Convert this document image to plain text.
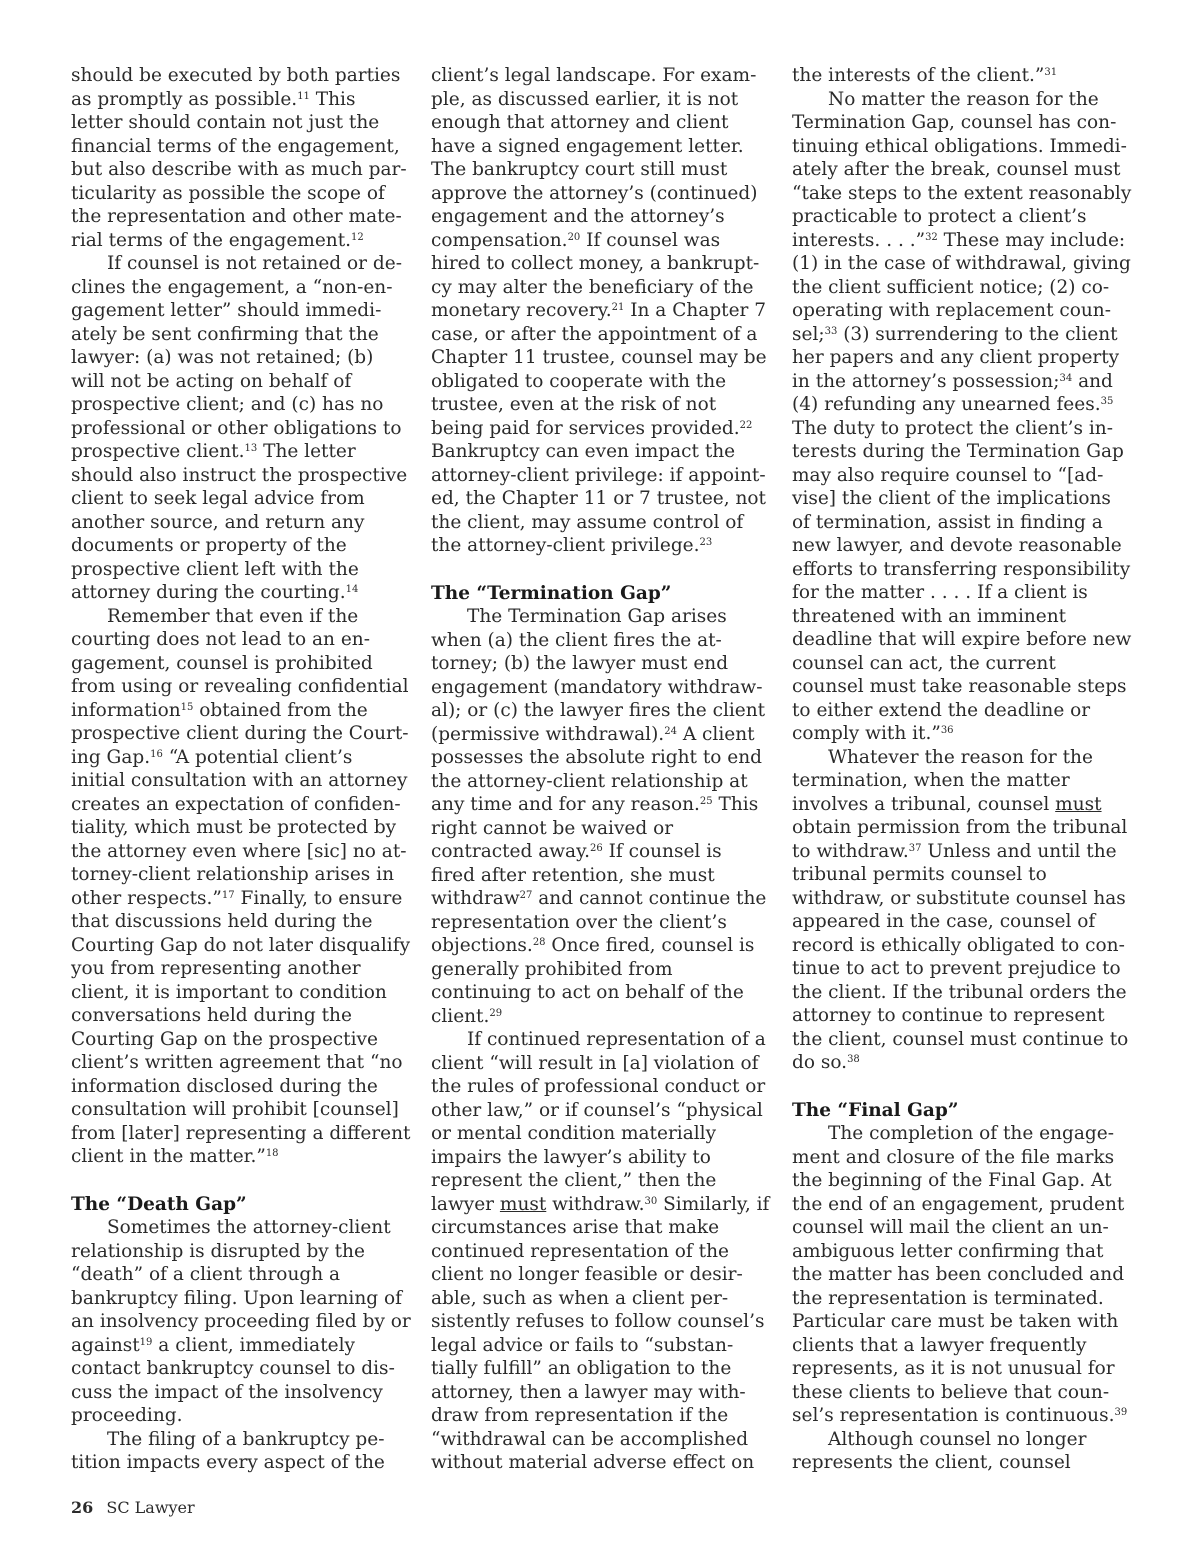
should be executed by both parties as promptly as possible.$^{11}$ This letter should contain not just the financial terms of the engagement, but also describe with as much particularity as possible the scope of the representation and other material terms of the engagement.$^{12}$

If counsel is not retained or declines the engagement, a “non-engagement letter” should immediately be sent confirming that the lawyer: (a) was not retained; (b) will not be acting on behalf of prospective client; and (c) has no professional or other obligations to prospective client.$^{13}$ The letter should also instruct the prospective client to seek legal advice from another source, and return any documents or property of the prospective client left with the attorney during the courting.$^{14}$

Remember that even if the courting does not lead to an engagement, counsel is prohibited from using or revealing confidential information$^{15}$ obtained from the prospective client during the Courting Gap.$^{16}$ “A potential client’s initial consultation with an attorney creates an expectation of confidentiality, which must be protected by the attorney even where [sic] no attorney-client relationship arises in other respects.”$^{17}$ Finally, to ensure that discussions held during the Courting Gap do not later disqualify you from representing another client, it is important to condition conversations held during the Courting Gap on the prospective client’s written agreement that “no information disclosed during the consultation will prohibit [counsel] from [later] representing a different client in the matter.”$^{18}$

The “Death Gap”

Sometimes the attorney-client relationship is disrupted by the “death” of a client through a bankruptcy filing. Upon learning of an insolvency proceeding filed by or against$^{19}$ a client, immediately contact bankruptcy counsel to discuss the impact of the insolvency proceeding.

The filing of a bankruptcy petition impacts every aspect of the

client’s legal landscape. For example, as discussed earlier, it is not enough that attorney and client have a signed engagement letter. The bankruptcy court still must approve the attorney’s (continued) engagement and the attorney’s compensation.$^{20}$ If counsel was hired to collect money, a bankruptcy may alter the beneficiary of the monetary recovery.$^{21}$ In a Chapter 7 case, or after the appointment of a Chapter 11 trustee, counsel may be obligated to cooperate with the trustee, even at the risk of not being paid for services provided.$^{22}$ Bankruptcy can even impact the attorney-client privilege: if appointed, the Chapter 11 or 7 trustee, not the client, may assume control of the attorney-client privilege.$^{23}$

The “Termination Gap”

The Termination Gap arises when (a) the client fires the attorney; (b) the lawyer must end engagement (mandatory withdrawal); or (c) the lawyer fires the client (permissive withdrawal).$^{24}$ A client possesses the absolute right to end the attorney-client relationship at any time and for any reason.$^{25}$ This right cannot be waived or contracted away.$^{26}$ If counsel is fired after retention, she must withdraw$^{27}$ and cannot continue the representation over the client’s objections.$^{28}$ Once fired, counsel is generally prohibited from continuing to act on behalf of the client.$^{29}$

If continued representation of a client “will result in [a] violation of the rules of professional conduct or other law,” or if counsel’s “physical or mental condition materially impairs the lawyer’s ability to represent the client,” then the lawyer must withdraw.$^{30}$ Similarly, if circumstances arise that make continued representation of the client no longer feasible or desirable, such as when a client persistently refuses to follow counsel’s legal advice or fails to “substantially fulfill” an obligation to the attorney, then a lawyer may withdraw from representation if the “withdrawal can be accomplished without material adverse effect on

the interests of the client.”$^{31}$

No matter the reason for the Termination Gap, counsel has continuing ethical obligations. Immediately after the break, counsel must “take steps to the extent reasonably practicable to protect a client’s interests. . . .”$^{32}$ These may include: (1) in the case of withdrawal, giving the client sufficient notice; (2) cooperating with replacement counsel;$^{33}$ (3) surrendering to the client her papers and any client property in the attorney’s possession;$^{34}$ and (4) refunding any unearned fees.$^{35}$ The duty to protect the client’s interests during the Termination Gap may also require counsel to “[advise] the client of the implications of termination, assist in finding a new lawyer, and devote reasonable efforts to transferring responsibility for the matter . . . . If a client is threatened with an imminent deadline that will expire before new counsel can act, the current counsel must take reasonable steps to either extend the deadline or comply with it.”$^{36}$

Whatever the reason for the termination, when the matter involves a tribunal, counsel must obtain permission from the tribunal to withdraw.$^{37}$ Unless and until the tribunal permits counsel to withdraw, or substitute counsel has appeared in the case, counsel of record is ethically obligated to continue to act to prevent prejudice to the client. If the tribunal orders the attorney to continue to represent the client, counsel must continue to do so.$^{38}$

The “Final Gap”

The completion of the engagement and closure of the file marks the beginning of the Final Gap. At the end of an engagement, prudent counsel will mail the client an unambiguous letter confirming that the matter has been concluded and the representation is terminated. Particular care must be taken with clients that a lawyer frequently represents, as it is not unusual for these clients to believe that counsel’s representation is continuous.$^{39}$

Although counsel no longer represents the client, counsel

26 SC Lawyer
